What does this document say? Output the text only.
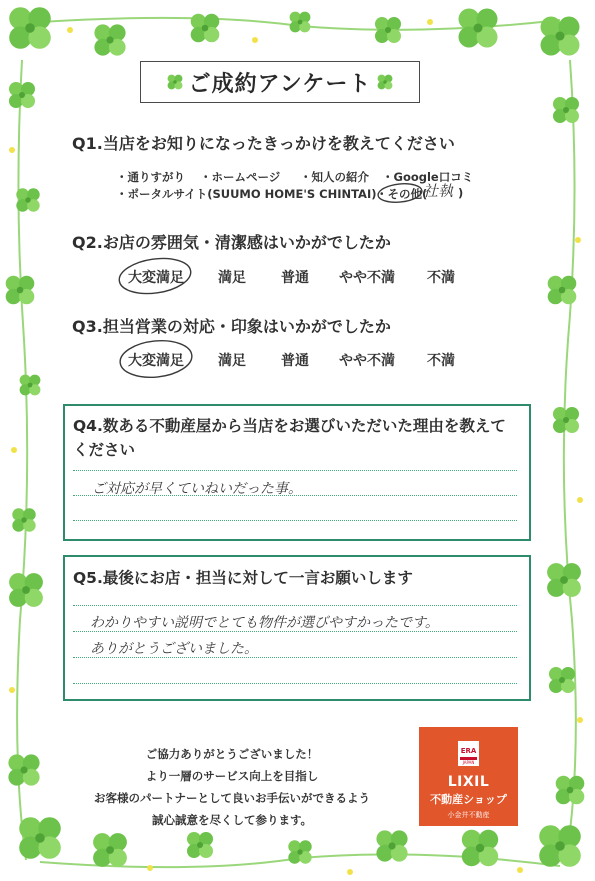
ご成約アンケート
Q1.当店をお知りになったきっかけを教えてください
・通りすがり ・ホームページ ・知人の紹介 ・Google口コミ
・ポータルサイト(SUUMO HOME'S CHINTAI) ・その他(
社執 )
Q2.お店の雰囲気・清潔感はいかがでしたか
大変満足 満足	普通 やや不満 不満
Q3.担当営業の対応・印象はいかがでしたか
大変満足 満足	普通 やや不満 不満
Q4.数ある不動産屋から当店をお選びいただいた理由を教えて
ください
ご対応が早くていねいだった事。
Q5.最後にお店・担当に対して一言お願いします
わかりやすい説明でとても物件が選びやすかったです。
ありがとうございました。
ご協力ありがとうございました！
より一層のサービス向上を目指し
お客様のパートナーとして良いお手伝いができるよう
誠心誠意を尽くして参ります。
ERA
JAPAN
LIXIL
不動産ショップ
小金井不動産
